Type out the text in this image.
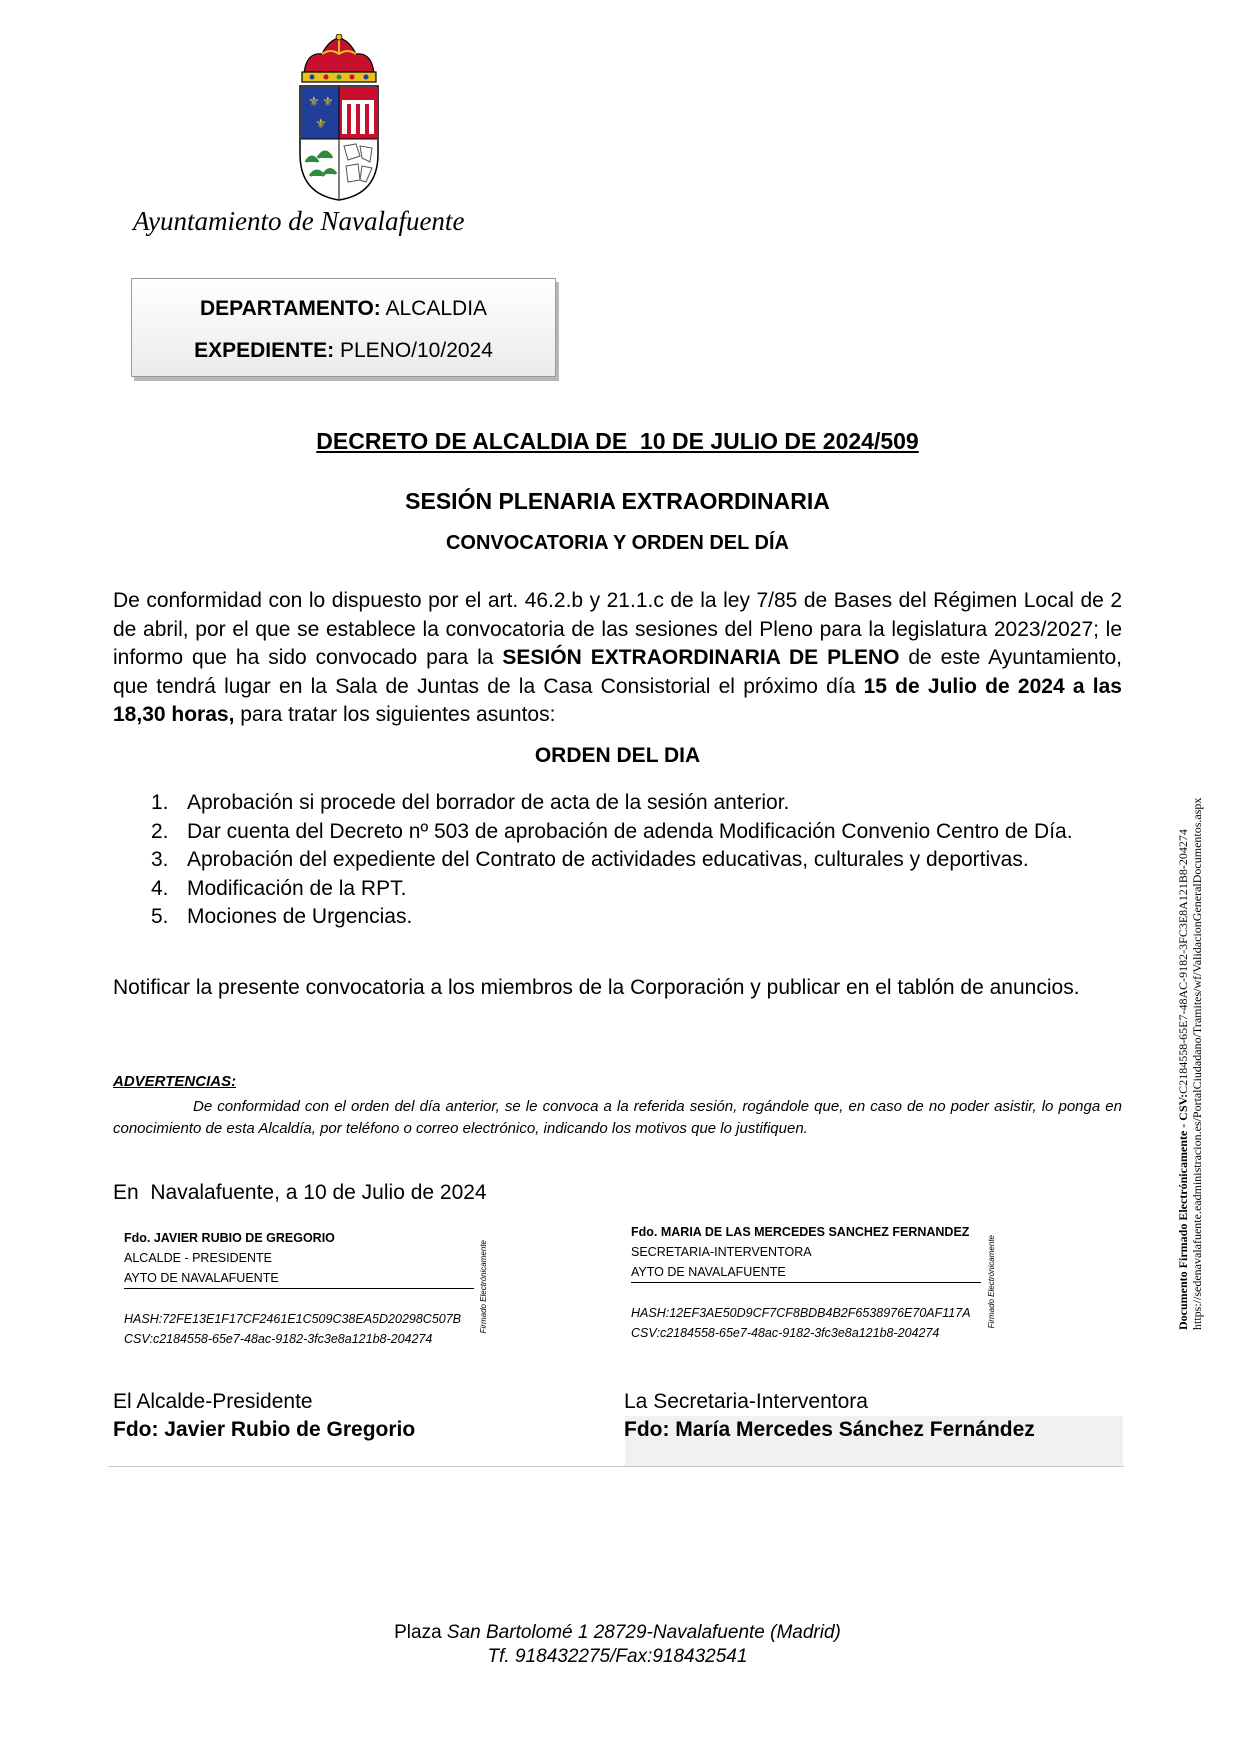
⚜ ⚜
⚜
Ayuntamiento de Navalafuente
DEPARTAMENTO: ALCALDIA
EXPEDIENTE: PLENO/10/2024
DECRETO DE ALCALDIA DE  10 DE JULIO DE 2024/509
SESIÓN PLENARIA EXTRAORDINARIA
CONVOCATORIA Y ORDEN DEL DÍA
De conformidad con lo dispuesto por el art. 46.2.b y 21.1.c de la ley 7/85 de Bases del Régimen Local de 2 de abril, por el que se establece la convocatoria de las sesiones del Pleno para la legislatura 2023/2027; le informo que ha sido convocado para la SESIÓN EXTRAORDINARIA DE PLENO de este Ayuntamiento, que tendrá lugar en la Sala de Juntas de la Casa Consistorial el próximo día 15 de Julio de 2024 a las 18,30 horas, para tratar los siguientes asuntos:
ORDEN DEL DIA
1. Aprobación si procede del borrador de acta de la sesión anterior.
2. Dar cuenta del Decreto nº 503 de aprobación de adenda Modificación Convenio Centro de Día.
3. Aprobación del expediente del Contrato de actividades educativas, culturales y deportivas.
4. Modificación de la RPT.
5. Mociones de Urgencias.
Notificar la presente convocatoria a los miembros de la Corporación y publicar en el tablón de anuncios.
ADVERTENCIAS:
De conformidad con el orden del día anterior, se le convoca a la referida sesión, rogándole que, en caso de no poder asistir, lo ponga en conocimiento de esta Alcaldía, por teléfono o correo electrónico, indicando los motivos que lo justifiquen.
En  Navalafuente, a 10 de Julio de 2024
Fdo. JAVIER RUBIO DE GREGORIO
ALCALDE - PRESIDENTE
AYTO DE NAVALAFUENTE
HASH:72FE13E1F17CF2461E1C509C38EA5D20298C507B
CSV:c2184558-65e7-48ac-9182-3fc3e8a121b8-204274
Firmado Electrónicamente
Fdo. MARIA DE LAS MERCEDES SANCHEZ FERNANDEZ
SECRETARIA-INTERVENTORA
AYTO DE NAVALAFUENTE
HASH:12EF3AE50D9CF7CF8BDB4B2F6538976E70AF117A
CSV:c2184558-65e7-48ac-9182-3fc3e8a121b8-204274
Firmado Electrónicamente
El Alcalde-Presidente
Fdo: Javier Rubio de Gregorio
La Secretaria-Interventora
Fdo: María Mercedes Sánchez Fernández
Documento Firmado Electrónicamente - CSV:C2184558-65E7-48AC-9182-3FC3E8A121B8-204274 https://sedenavalafuente.eadministracion.es/PortalCiudadano/Tramites/wf/ValidacionGeneralDocumentos.aspx
Plaza San Bartolomé 1 28729-Navalafuente (Madrid)
Tf. 918432275/Fax:918432541
